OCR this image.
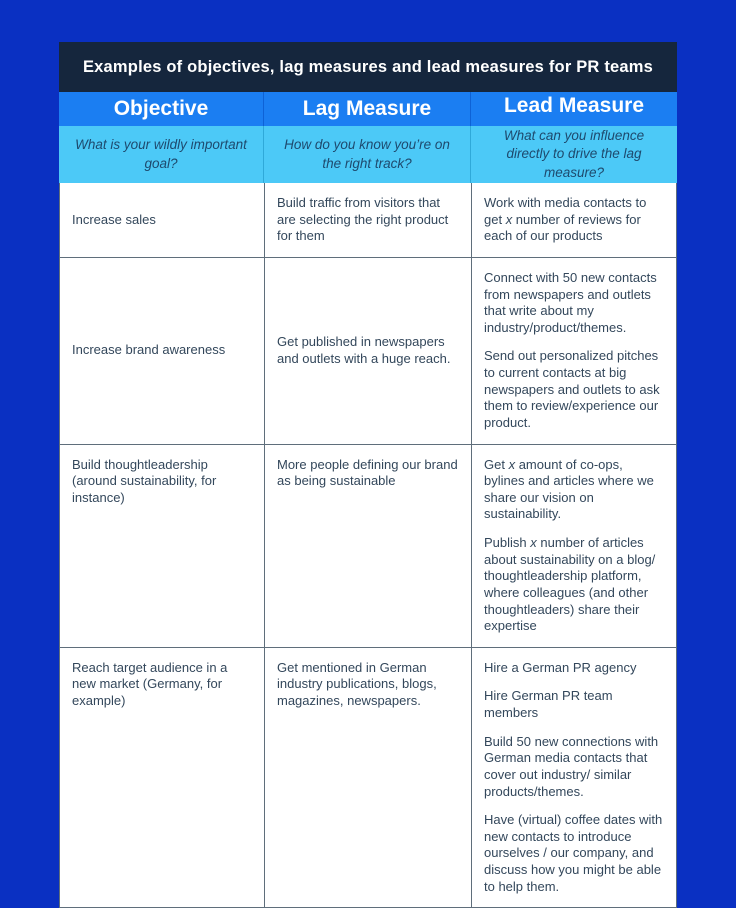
Examples of objectives, lag measures and lead measures for PR teams
Objective	Lag Measure	Lead Measure
What is your wildly important goal?
How do you know you’re on the right track?
What can you influence directly to drive the lag measure?

Increase sales

Build traffic from visitors that are selecting the right product for them

Work with media contacts to get x number of reviews for each of our products

Increase brand awareness

Get published in newspapers and outlets with a huge reach.

Connect with 50 new contacts from newspapers and outlets that write about my industry/product/themes.

Send out personalized pitches to current contacts at big newspapers and outlets to ask them to review/experience our product.

Build thoughtleadership (around sustainability, for instance)

More people defining our brand as being sustainable

Get x amount of co-ops, bylines and articles where we share our vision on sustainability.

Publish x number of articles about sustainability on a blog/ thoughtleadership platform, where colleagues (and other thoughtleaders) share their expertise

Reach target audience in a new market (Germany, for example)

Get mentioned in German industry publications, blogs, magazines, newspapers.

Hire a German PR agency

Hire German PR team members

Build 50 new connections with German media contacts that cover out industry/ similar products/themes.

Have (virtual) coffee dates with new contacts to introduce ourselves / our company, and discuss how you might be able to help them.
